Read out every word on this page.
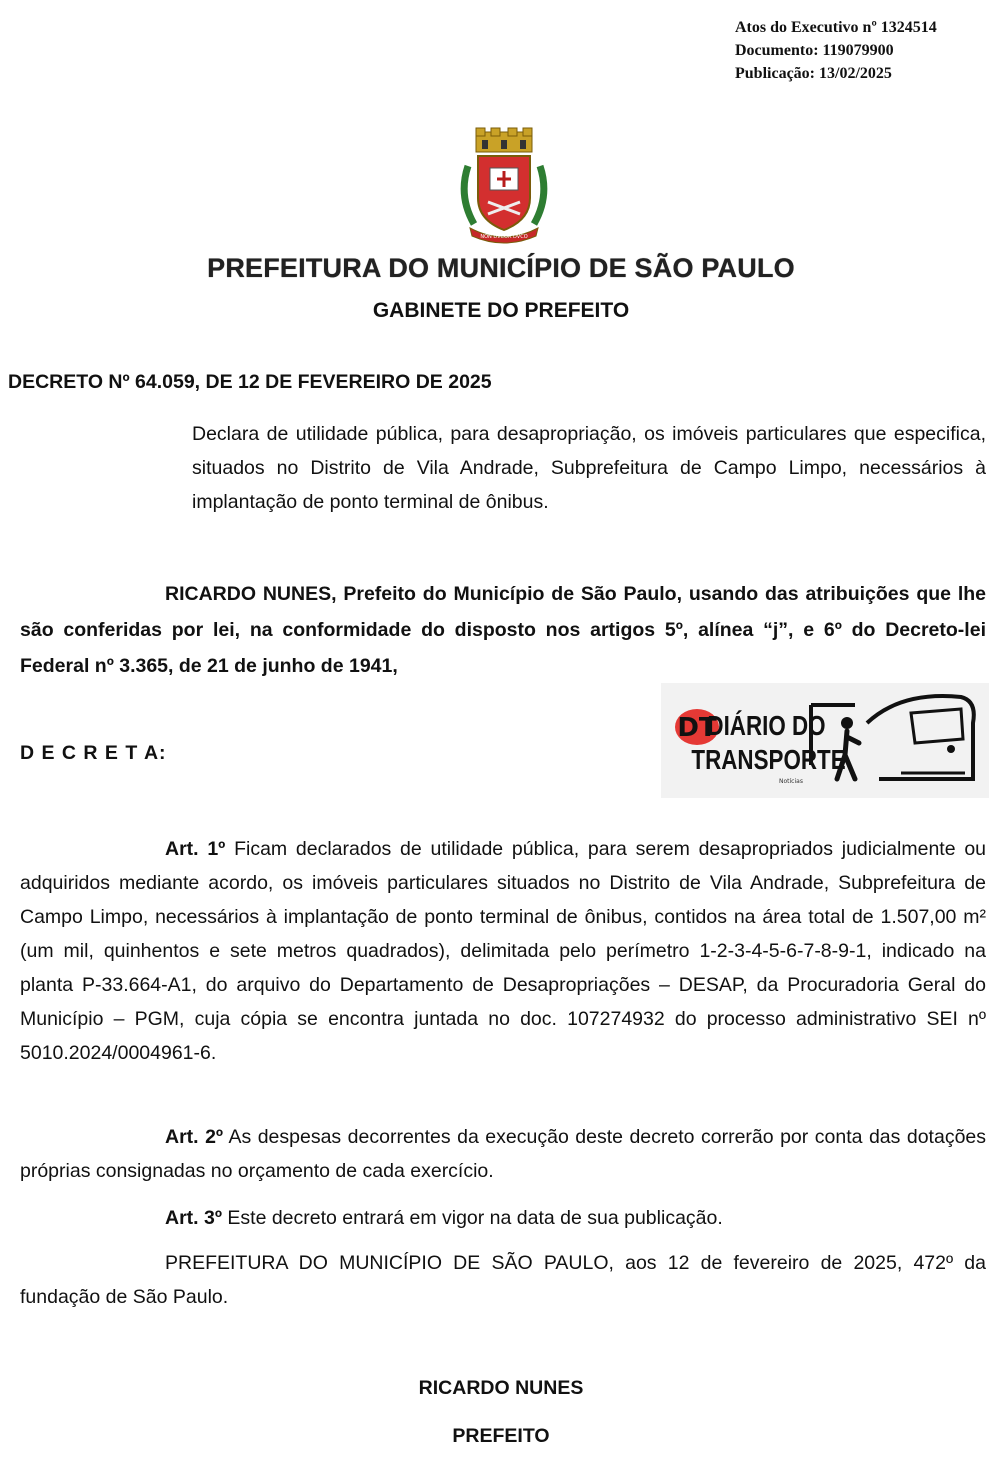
Atos do Executivo nº 1324514
Documento: 119079900
Publicação: 13/02/2025
NON DVCOR DVCO
PREFEITURA DO MUNICÍPIO DE SÃO PAULO
GABINETE DO PREFEITO
DECRETO Nº 64.059, DE 12 DE FEVEREIRO DE 2025
Declara de utilidade pública, para desapropriação, os imóveis particulares que especifica, situados no Distrito de Vila Andrade, Subprefeitura de Campo Limpo, necessários à implantação de ponto terminal de ônibus.
RICARDO NUNES, Prefeito do Município de São Paulo, usando das atribuições que lhe são conferidas por lei, na conformidade do disposto nos artigos 5º, alínea “j”, e 6º do Decreto-lei Federal nº 3.365, de 21 de junho de 1941,
D E C R E T A:
DT
DIÁRIO DO
TRANSPORTE
Notícias
Art. 1º Ficam declarados de utilidade pública, para serem desapropriados judicialmente ou adquiridos mediante acordo, os imóveis particulares situados no Distrito de Vila Andrade, Subprefeitura de Campo Limpo, necessários à implantação de ponto terminal de ônibus, contidos na área total de 1.507,00 m² (um mil, quinhentos e sete metros quadrados), delimitada pelo perímetro 1-2-3-4-5-6-7-8-9-1, indicado na planta P-33.664-A1, do arquivo do Departamento de Desapropriações – DESAP, da Procuradoria Geral do Município – PGM, cuja cópia se encontra juntada no doc. 107274932 do processo administrativo SEI nº 5010.2024/0004961-6.
Art. 2º As despesas decorrentes da execução deste decreto correrão por conta das dotações próprias consignadas no orçamento de cada exercício.
Art. 3º Este decreto entrará em vigor na data de sua publicação.
PREFEITURA DO MUNICÍPIO DE SÃO PAULO, aos 12 de fevereiro de 2025, 472º da fundação de São Paulo.
RICARDO NUNES
PREFEITO
